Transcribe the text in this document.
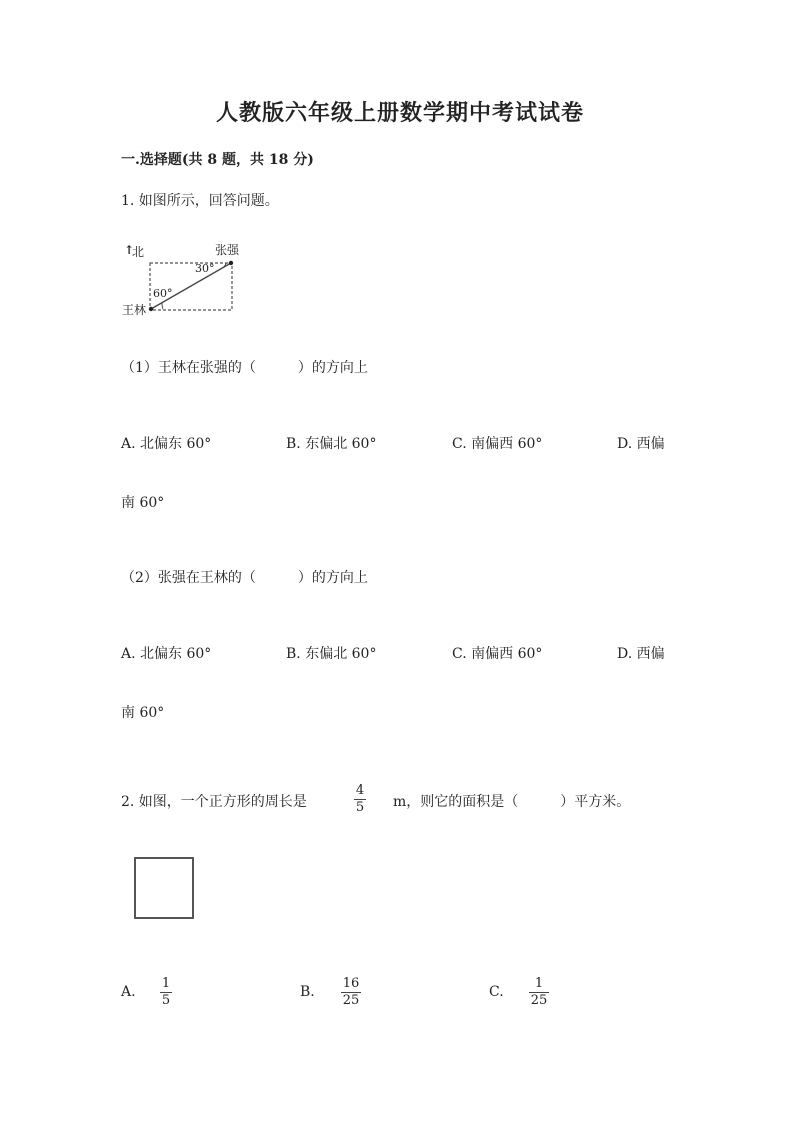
人教版六年级上册数学期中考试试卷
一.选择题(共 8 题，共 18 分)
1. 如图所示，回答问题。
↑
北	张强
王林
30°
60°
（1）王林在张强的（　　　）的方向上
A. 北偏东 60°	B. 东偏北 60°	C. 南偏西 60°	D. 西偏
南 60°
（2）张强在王林的（　　　）的方向上
A. 北偏东 60°	B. 东偏北 60°	C. 南偏西 60°	D. 西偏
南 60°
2. 如图，一个正方形的周长是
4
5 m，则它的面积是（　　　）平方米。
A.
1
5
B.
16
25
C.
1
25
